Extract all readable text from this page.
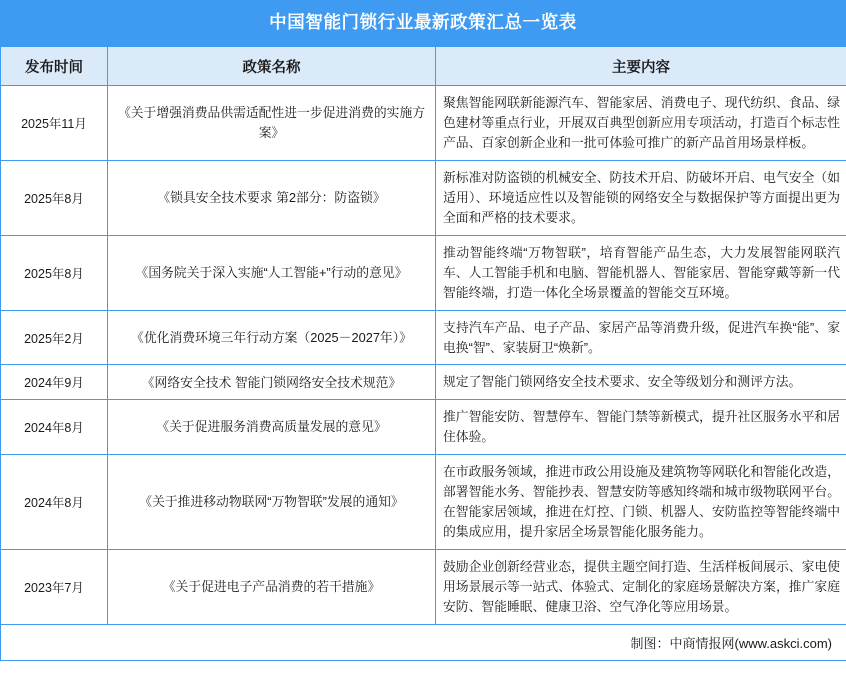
中国智能门锁行业最新政策汇总一览表
发布时间	政策名称	主要内容
2025年11月	《关于增强消费品供需适配性进一步促进消费的实施方案》	聚焦智能网联新能源汽车、智能家居、消费电子、现代纺织、食品、绿色建材等重点行业，开展双百典型创新应用专项活动，打造百个标志性产品、百家创新企业和一批可体验可推广的新产品首用场景样板。
2025年8月	《锁具安全技术要求 第2部分：防盗锁》	新标准对防盗锁的机械安全、防技术开启、防破坏开启、电气安全（如适用）、环境适应性以及智能锁的网络安全与数据保护等方面提出更为全面和严格的技术要求。
2025年8月	《国务院关于深入实施“人工智能+”行动的意见》	推动智能终端“万物智联”，培育智能产品生态，大力发展智能网联汽车、人工智能手机和电脑、智能机器人、智能家居、智能穿戴等新一代智能终端，打造一体化全场景覆盖的智能交互环境。
2025年2月	《优化消费环境三年行动方案（2025－2027年）》	支持汽车产品、电子产品、家居产品等消费升级，促进汽车换“能”、家电换“智”、家装厨卫“焕新”。
2024年9月	《网络安全技术 智能门锁网络安全技术规范》	规定了智能门锁网络安全技术要求、安全等级划分和测评方法。
2024年8月	《关于促进服务消费高质量发展的意见》	推广智能安防、智慧停车、智能门禁等新模式，提升社区服务水平和居住体验。
2024年8月	《关于推进移动物联网“万物智联”发展的通知》	在市政服务领域，推进市政公用设施及建筑物等网联化和智能化改造，部署智能水务、智能抄表、智慧安防等感知终端和城市级物联网平台。在智能家居领域，推进在灯控、门锁、机器人、安防监控等智能终端中的集成应用，提升家居全场景智能化服务能力。
2023年7月	《关于促进电子产品消费的若干措施》	鼓励企业创新经营业态，提供主题空间打造、生活样板间展示、家电使用场景展示等一站式、体验式、定制化的家庭场景解决方案，推广家庭安防、智能睡眠、健康卫浴、空气净化等应用场景。
制图：中商情报网(www.askci.com)		
